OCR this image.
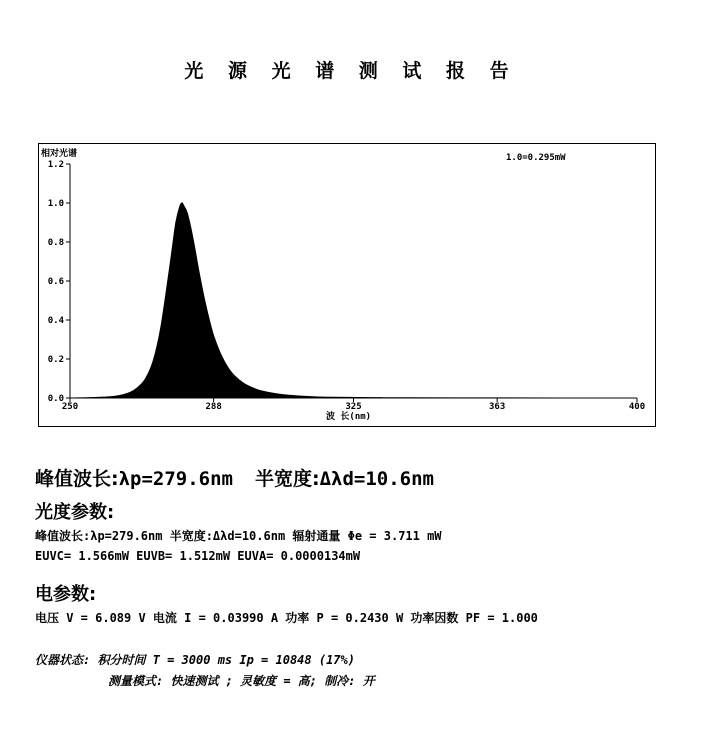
光 源 光 谱 测 试 报 告
相对光谱	1.0=0.295mW
0.0
0.2
0.4
0.6
0.8
1.0
1.2
250	288	325	363	400
波 长(nm)
峰值波长:λp=279.6nm 半宽度:Δλd=10.6nm
光度参数:
峰值波长:λp=279.6nm 半宽度:Δλd=10.6nm 辐射通量 Φe = 3.711 mW
EUVC= 1.566mW EUVB= 1.512mW EUVA= 0.0000134mW
电参数:
电压 V = 6.089 V 电流 I = 0.03990 A 功率 P = 0.2430 W 功率因数 PF = 1.000
仪器状态: 积分时间 T = 3000 ms Ip = 10848 (17%)
测量模式: 快速测试 ; 灵敏度 = 高; 制冷: 开
